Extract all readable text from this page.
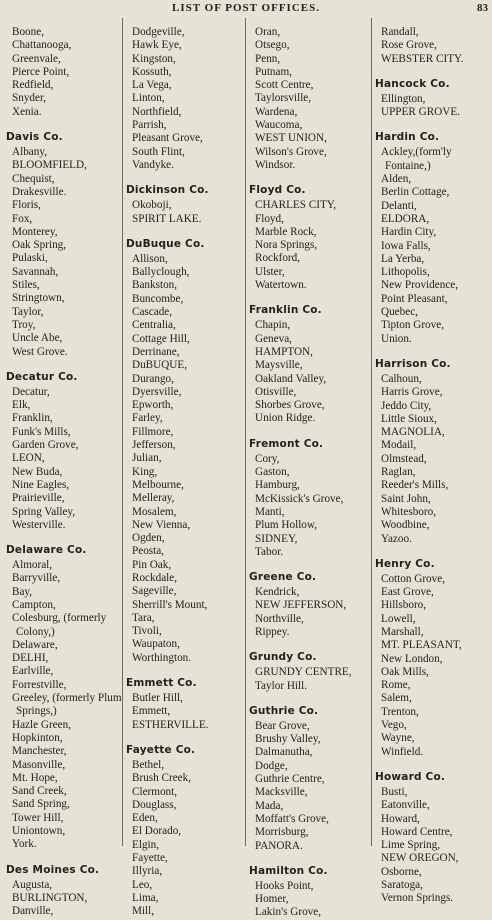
LIST OF POST OFFICES.	83
Boone,
Chattanooga,
Greenvale,
Pierce Point,
Redfield,
Snyder,
Xenia.
Davis Co.
Albany,
BLOOMFIELD,
Chequist,
Drakesville.
Floris,
Fox,
Monterey,
Oak Spring,
Pulaski,
Savannah,
Stiles,
Stringtown,
Taylor,
Troy,
Uncle Abe,
West Grove.
Decatur Co.
Decatur,
Elk,
Franklin,
Funk's Mills,
Garden Grove,
LEON,
New Buda,
Nine Eagles,
Prairieville,
Spring Valley,
Westerville.
Delaware Co.
Almoral,
Barryville,
Bay,
Campton,
Colesburg, (formerly Colony,)
Delaware,
DELHI,
Earlville,
Forrestville,
Greeley, (formerly Plum Springs,)
Hazle Green,
Hopkinton,
Manchester,
Masonville,
Mt. Hope,
Sand Creek,
Sand Spring,
Tower Hill,
Uniontown,
York.
Des Moines Co.
Augusta,
BURLINGTON,
Danville,
Dodgeville,
Hawk Eye,
Kingston,
Kossuth,
La Vega,
Linton,
Northfield,
Parrish,
Pleasant Grove,
South Flint,
Vandyke.
Dickinson Co.
Okoboji,
SPIRIT LAKE.
DuBuque Co.
Allison,
Ballyclough,
Bankston,
Buncombe,
Cascade,
Centralia,
Cottage Hill,
Derrinane,
DuBUQUE,
Durango,
Dyersville,
Epworth,
Farley,
Fillmore,
Jefferson,
Julian,
King,
Melbourne,
Melleray,
Mosalem,
New Vienna,
Ogden,
Peosta,
Pin Oak,
Rockdale,
Sageville,
Sherrill's Mount,
Tara,
Tivoli,
Waupaton,
Worthington.
Emmett Co.
Butler Hill,
Emmett,
ESTHERVILLE.
Fayette Co.
Bethel,
Brush Creek,
Clermont,
Douglass,
Eden,
El Dorado,
Elgin,
Fayette,
Illyria,
Leo,
Lima,
Mill,
Oran,
Otsego,
Penn,
Putnam,
Scott Centre,
Taylorsville,
Wardena,
Waucoma,
WEST UNION,
Wilson's Grove,
Windsor.
Floyd Co.
CHARLES CITY,
Floyd,
Marble Rock,
Nora Springs,
Rockford,
Ulster,
Watertown.
Franklin Co.
Chapin,
Geneva,
HAMPTON,
Maysville,
Oakland Valley,
Otisville,
Shorbes Grove,
Union Ridge.
Fremont Co.
Cory,
Gaston,
Hamburg,
McKissick's Grove,
Manti,
Plum Hollow,
SIDNEY,
Tabor.
Greene Co.
Kendrick,
NEW JEFFERSON,
Northville,
Rippey.
Grundy Co.
GRUNDY CENTRE,
Taylor Hill.
Guthrie Co.
Bear Grove,
Brushy Valley,
Dalmanutha,
Dodge,
Guthrie Centre,
Macksville,
Mada,
Moffatt's Grove,
Morrisburg,
PANORA.
Hamilton Co.
Hooks Point,
Homer,
Lakin's Grove,
Randall,
Rose Grove,
WEBSTER CITY.
Hancock Co.
Ellington,
UPPER GROVE.
Hardin Co.
Ackley,(form'ly Fontaine,)
Alden,
Berlin Cottage,
Delanti,
ELDORA,
Hardin City,
Iowa Falls,
La Yerba,
Lithopolis,
New Providence,
Point Pleasant,
Quebec,
Tipton Grove,
Union.
Harrison Co.
Calhoun,
Harris Grove,
Jeddo City,
Little Sioux,
MAGNOLIA,
Modail,
Olmstead,
Raglan,
Reeder's Mills,
Saint John,
Whitesboro,
Woodbine,
Yazoo.
Henry Co.
Cotton Grove,
East Grove,
Hillsboro,
Lowell,
Marshall,
MT. PLEASANT,
New London,
Oak Mills,
Rome,
Salem,
Trenton,
Vego,
Wayne,
Winfield.
Howard Co.
Busti,
Eatonville,
Howard,
Howard Centre,
Lime Spring,
NEW OREGON,
Osborne,
Saratoga,
Vernon Springs.
